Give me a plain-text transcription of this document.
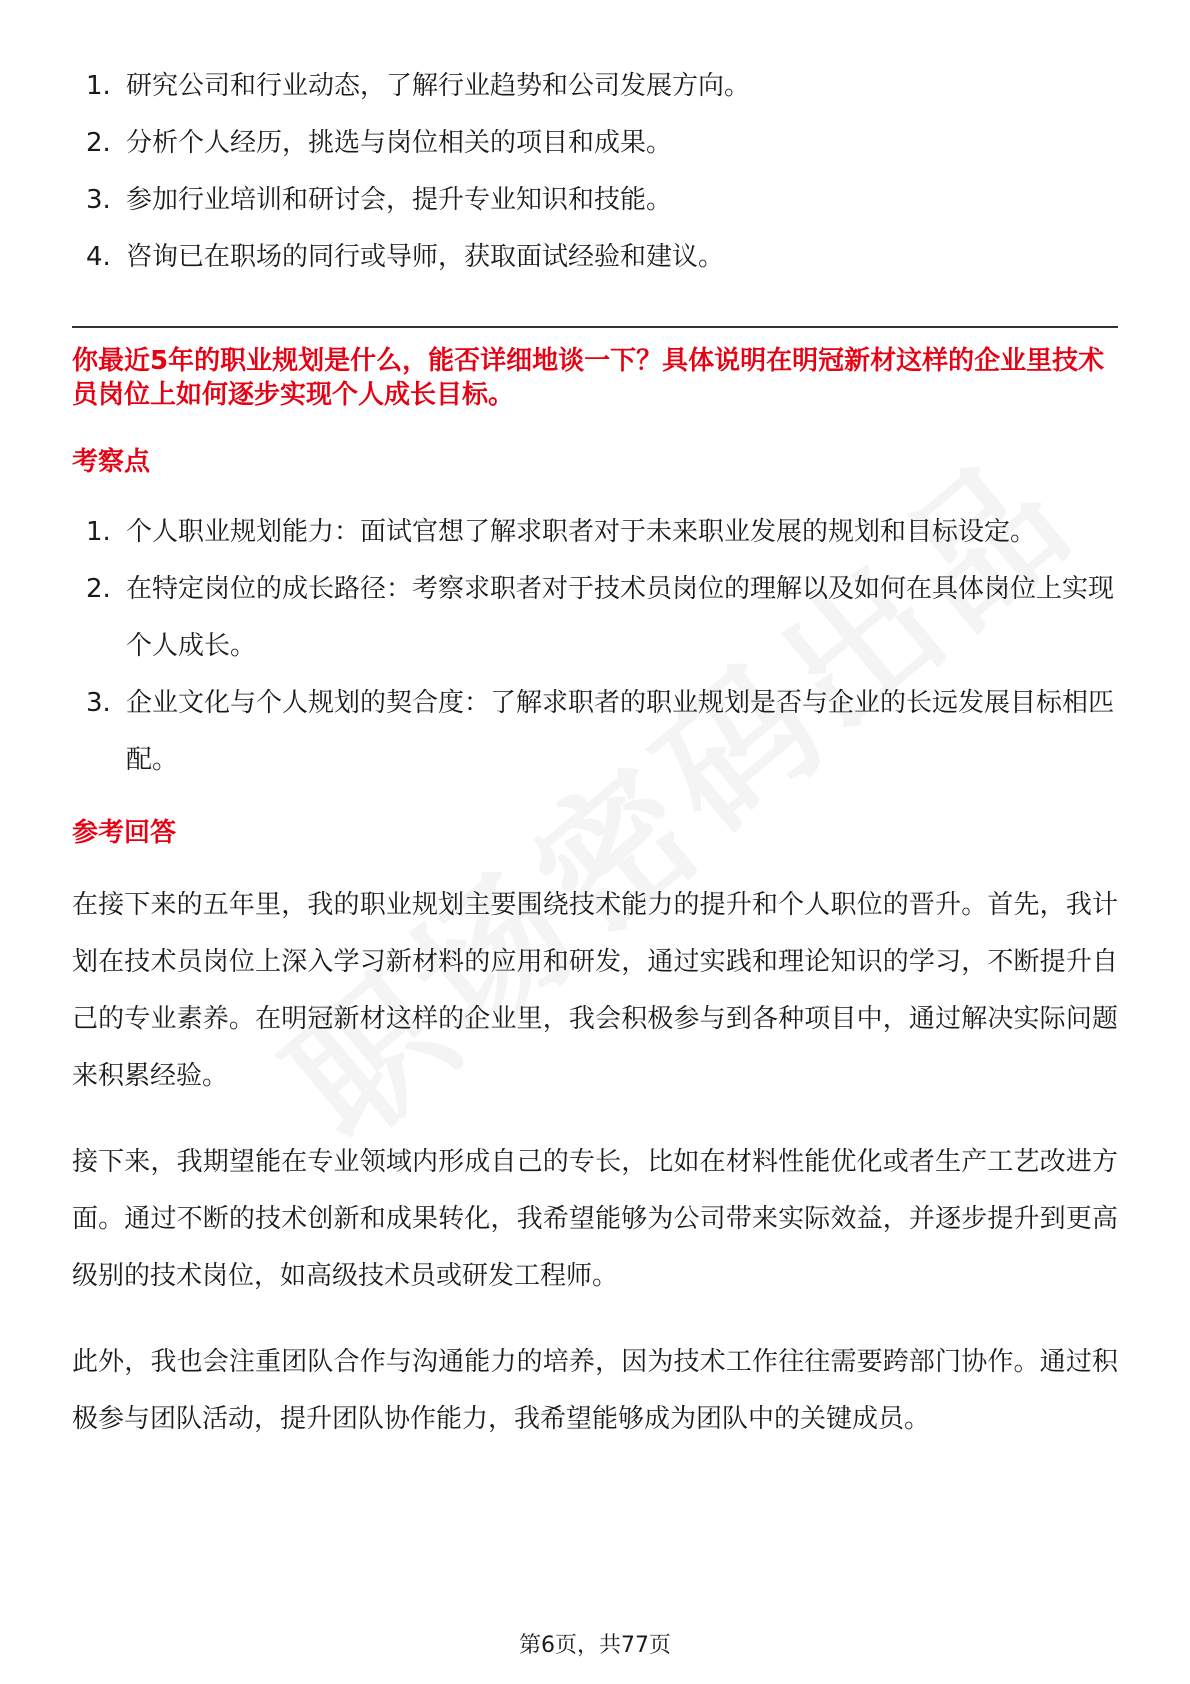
1. 研究公司和行业动态，了解行业趋势和公司发展方向。
2. 分析个人经历，挑选与岗位相关的项目和成果。
3. 参加行业培训和研讨会，提升专业知识和技能。
4. 咨询已在职场的同行或导师，获取面试经验和建议。
你最近5年的职业规划是什么，能否详细地谈一下？具体说明在明冠新材这样的企业里技术员岗位上如何逐步实现个人成长目标。
考察点
1. 个人职业规划能力：面试官想了解求职者对于未来职业发展的规划和目标设定。
2. 在特定岗位的成长路径：考察求职者对于技术员岗位的理解以及如何在具体岗位上实现个人成长。
3. 企业文化与个人规划的契合度：了解求职者的职业规划是否与企业的长远发展目标相匹配。
参考回答

在接下来的五年里，我的职业规划主要围绕技术能力的提升和个人职位的晋升。首先，我计划在技术员岗位上深入学习新材料的应用和研发，通过实践和理论知识的学习，不断提升自己的专业素养。在明冠新材这样的企业里，我会积极参与到各种项目中，通过解决实际问题来积累经验。

接下来，我期望能在专业领域内形成自己的专长，比如在材料性能优化或者生产工艺改进方面。通过不断的技术创新和成果转化，我希望能够为公司带来实际效益，并逐步提升到更高级别的技术岗位，如高级技术员或研发工程师。

此外，我也会注重团队合作与沟通能力的培养，因为技术工作往往需要跨部门协作。通过积极参与团队活动，提升团队协作能力，我希望能够成为团队中的关键成员。

第6页，共77页
